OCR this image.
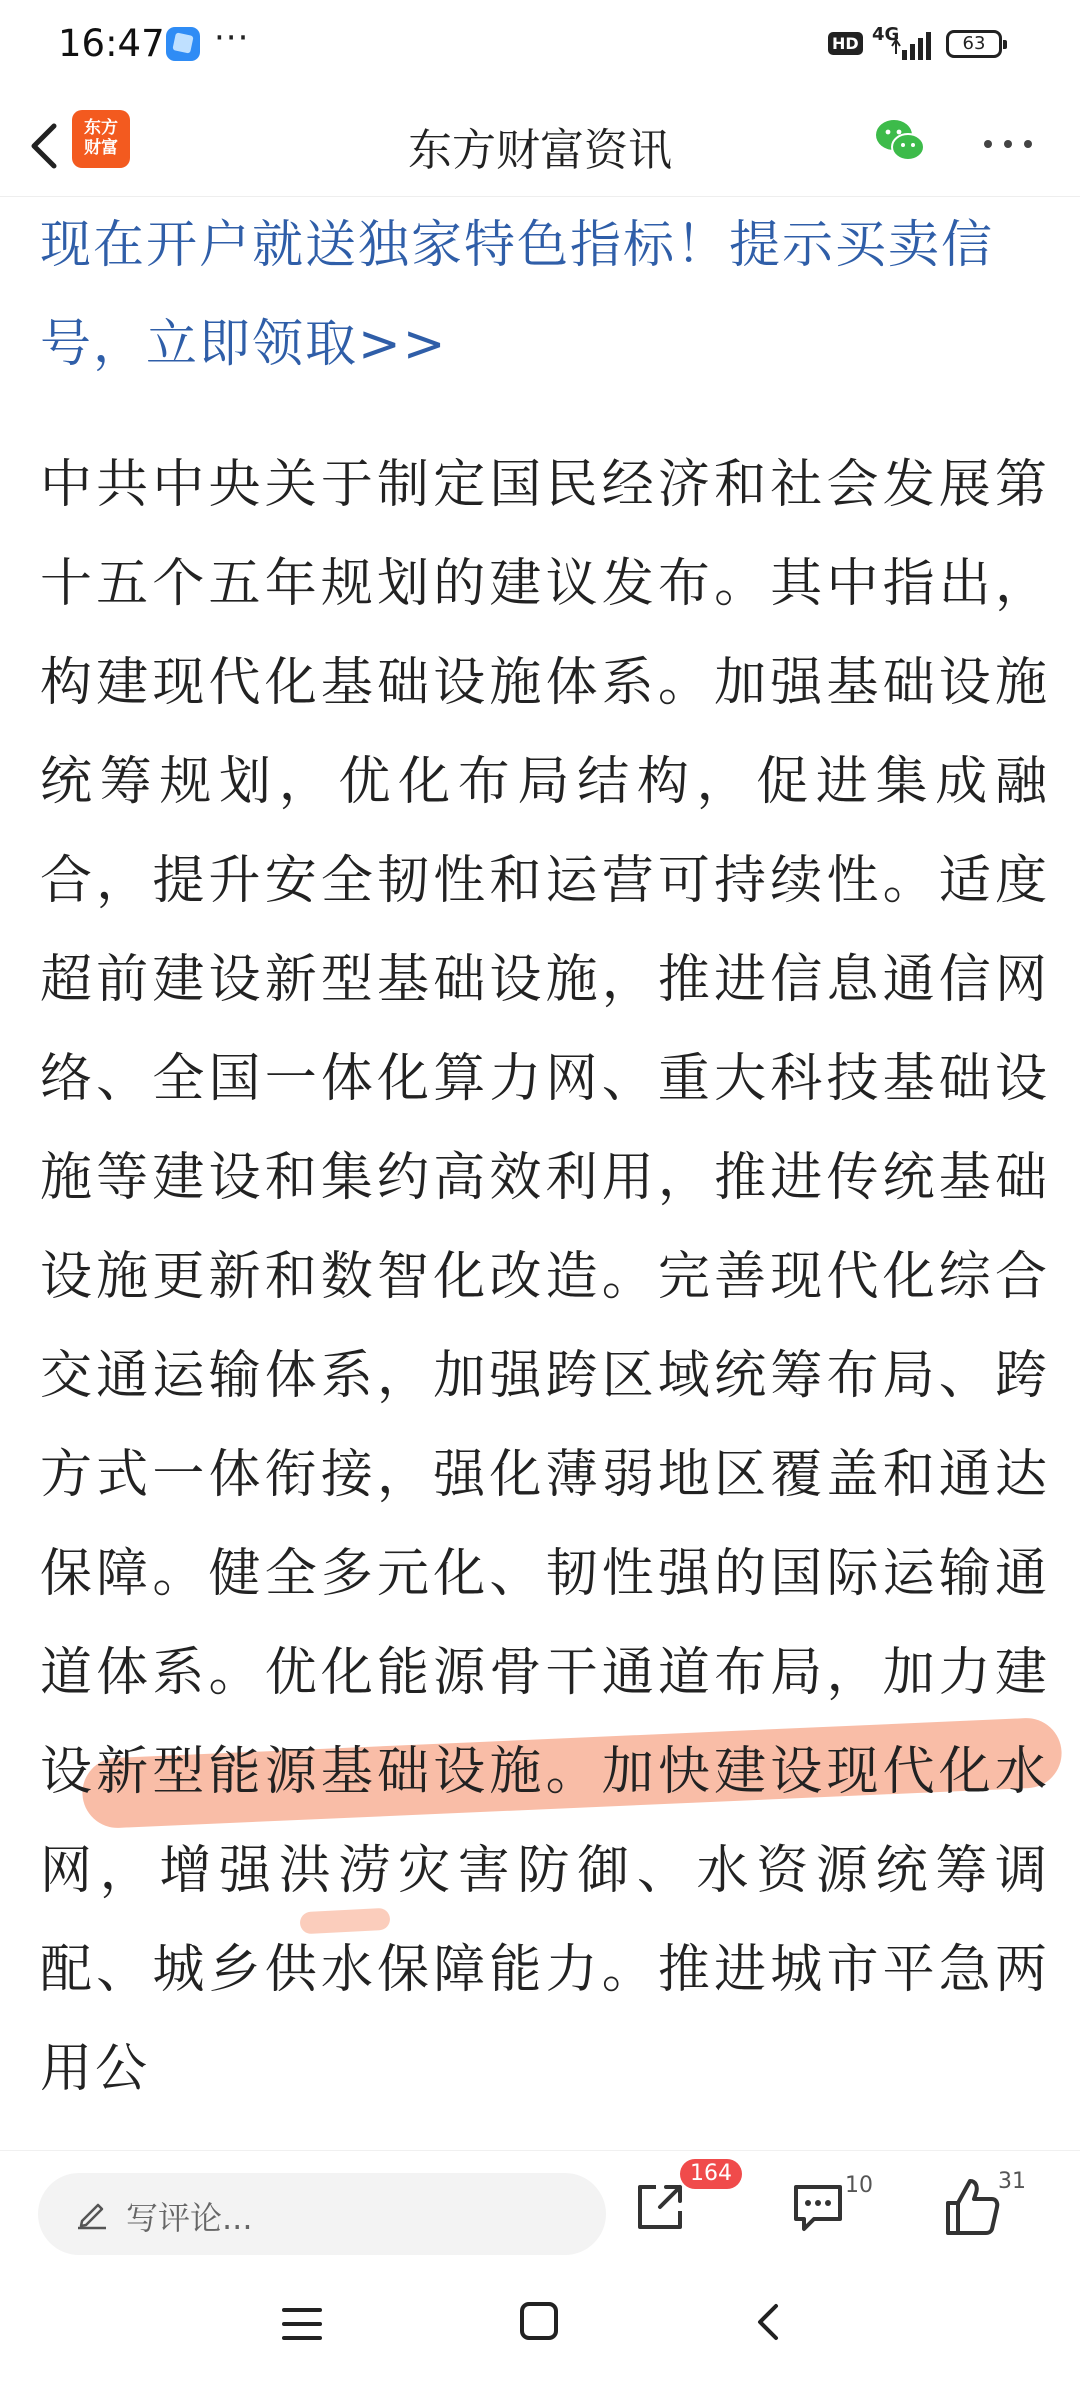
16:47 ···	HD 4G	63
东方
财富	东方财富资讯
现在开户就送独家特色指标！提示买卖信号，立即领取>>
中共中央关于制定国民经济和社会发展第十五个五年规划的建议发布。其中指出，构建现代化基础设施体系。加强基础设施统筹规划，优化布局结构，促进集成融合，提升安全韧性和运营可持续性。适度超前建设新型基础设施，推进信息通信网络、全国一体化算力网、重大科技基础设施等建设和集约高效利用，推进传统基础设施更新和数智化改造。完善现代化综合交通运输体系，加强跨区域统筹布局、跨方式一体衔接，强化薄弱地区覆盖和通达保障。健全多元化、韧性强的国际运输通道体系。优化能源骨干通道布局，加力建设新型能源基础设施。加快建设现代化水网，增强洪涝灾害防御、水资源统筹调配、城乡供水保障能力。推进城市平急两用公
写评论...
164	10	31
